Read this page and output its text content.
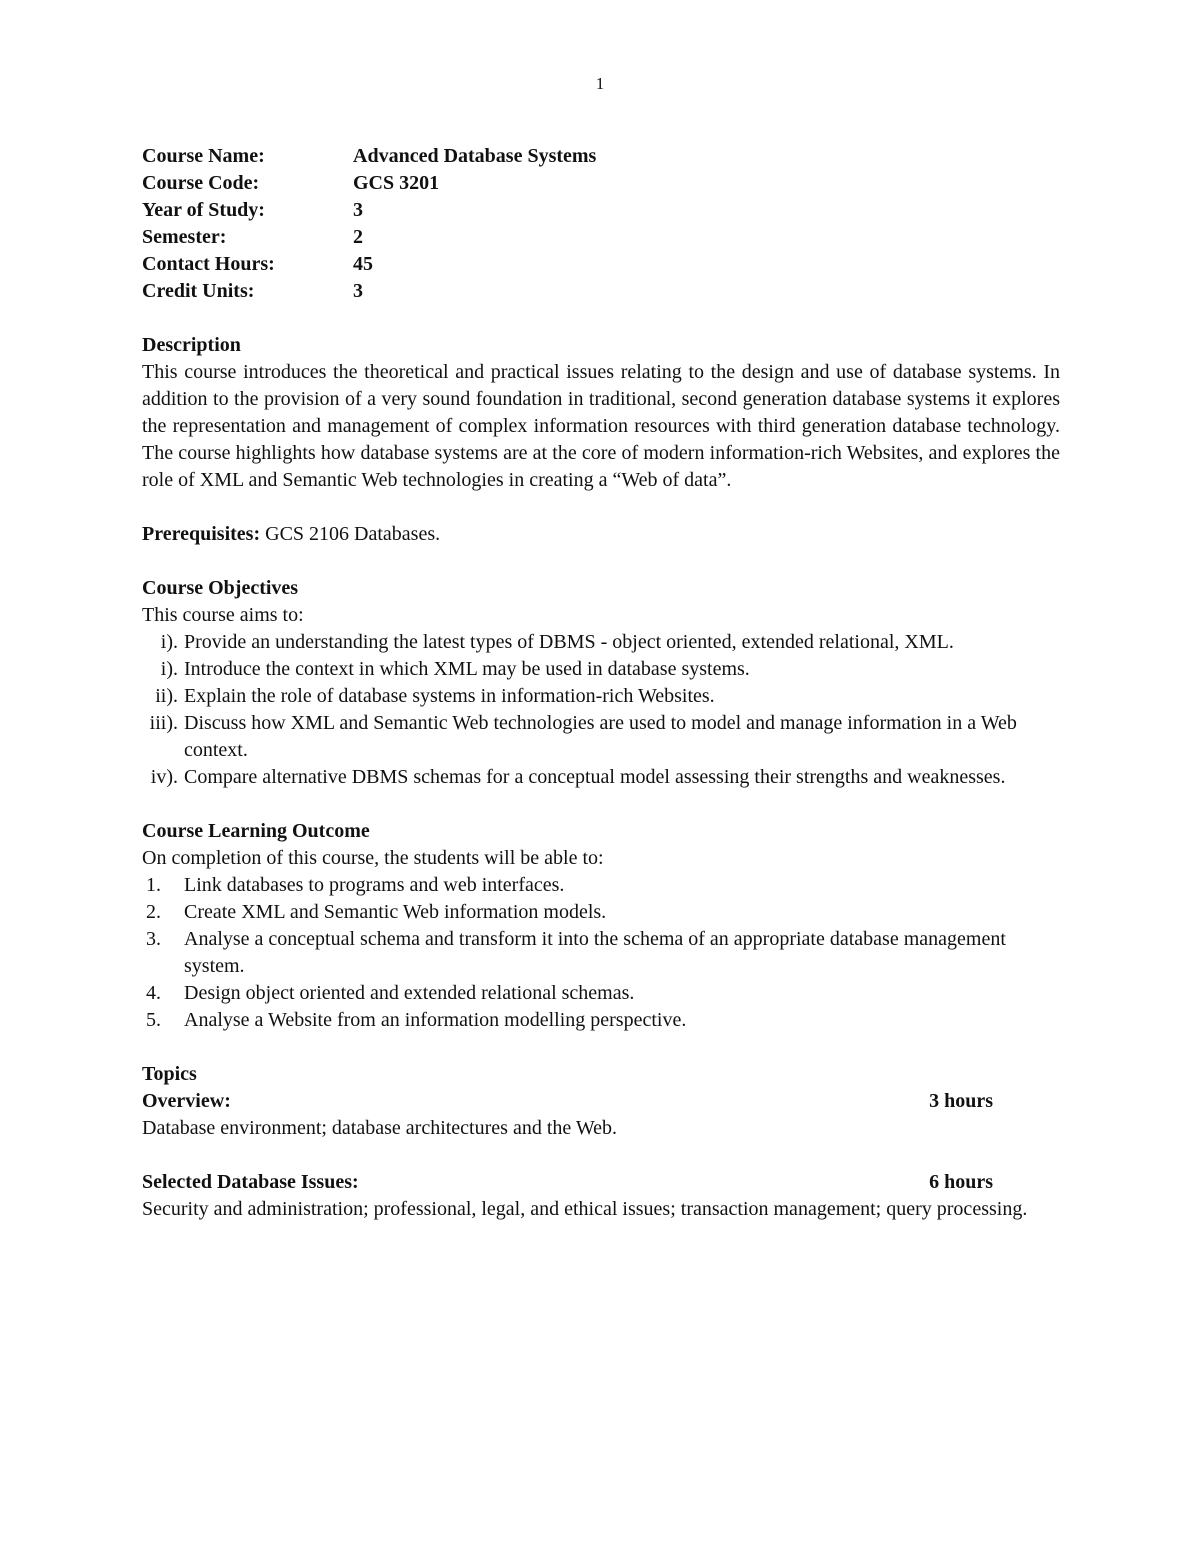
1
Course Name:	Advanced Database Systems
Course Code:	GCS 3201
Year of Study:	3
Semester:	2
Contact Hours:	45
Credit Units:	3
Description
This course introduces the theoretical and practical issues relating to the design and use of database systems. In addition to the provision of a very sound foundation in traditional, second generation database systems it explores the representation and management of complex information resources with third generation database technology. The course highlights how database systems are at the core of modern information-rich Websites, and explores the role of XML and Semantic Web technologies in creating a “Web of data”.
Prerequisites: GCS 2106 Databases.
Course Objectives
This course aims to:
i). Provide an understanding the latest types of DBMS - object oriented, extended relational, XML.
i). Introduce the context in which XML may be used in database systems.
ii). Explain the role of database systems in information-rich Websites.
iii). Discuss how XML and Semantic Web technologies are used to model and manage information in a Web context.
iv). Compare alternative DBMS schemas for a conceptual model assessing their strengths and weaknesses.
Course Learning Outcome
On completion of this course, the students will be able to:
1.	Link databases to programs and web interfaces.
2.	Create XML and Semantic Web information models.
3.	Analyse a conceptual schema and transform it into the schema of an appropriate database management system.
4.	Design object oriented and extended relational schemas.
5.	Analyse a Website from an information modelling perspective.
Topics
Overview:	3 hours
Database environment; database architectures and the Web.
Selected Database Issues:	6 hours
Security and administration; professional, legal, and ethical issues; transaction management; query processing.
